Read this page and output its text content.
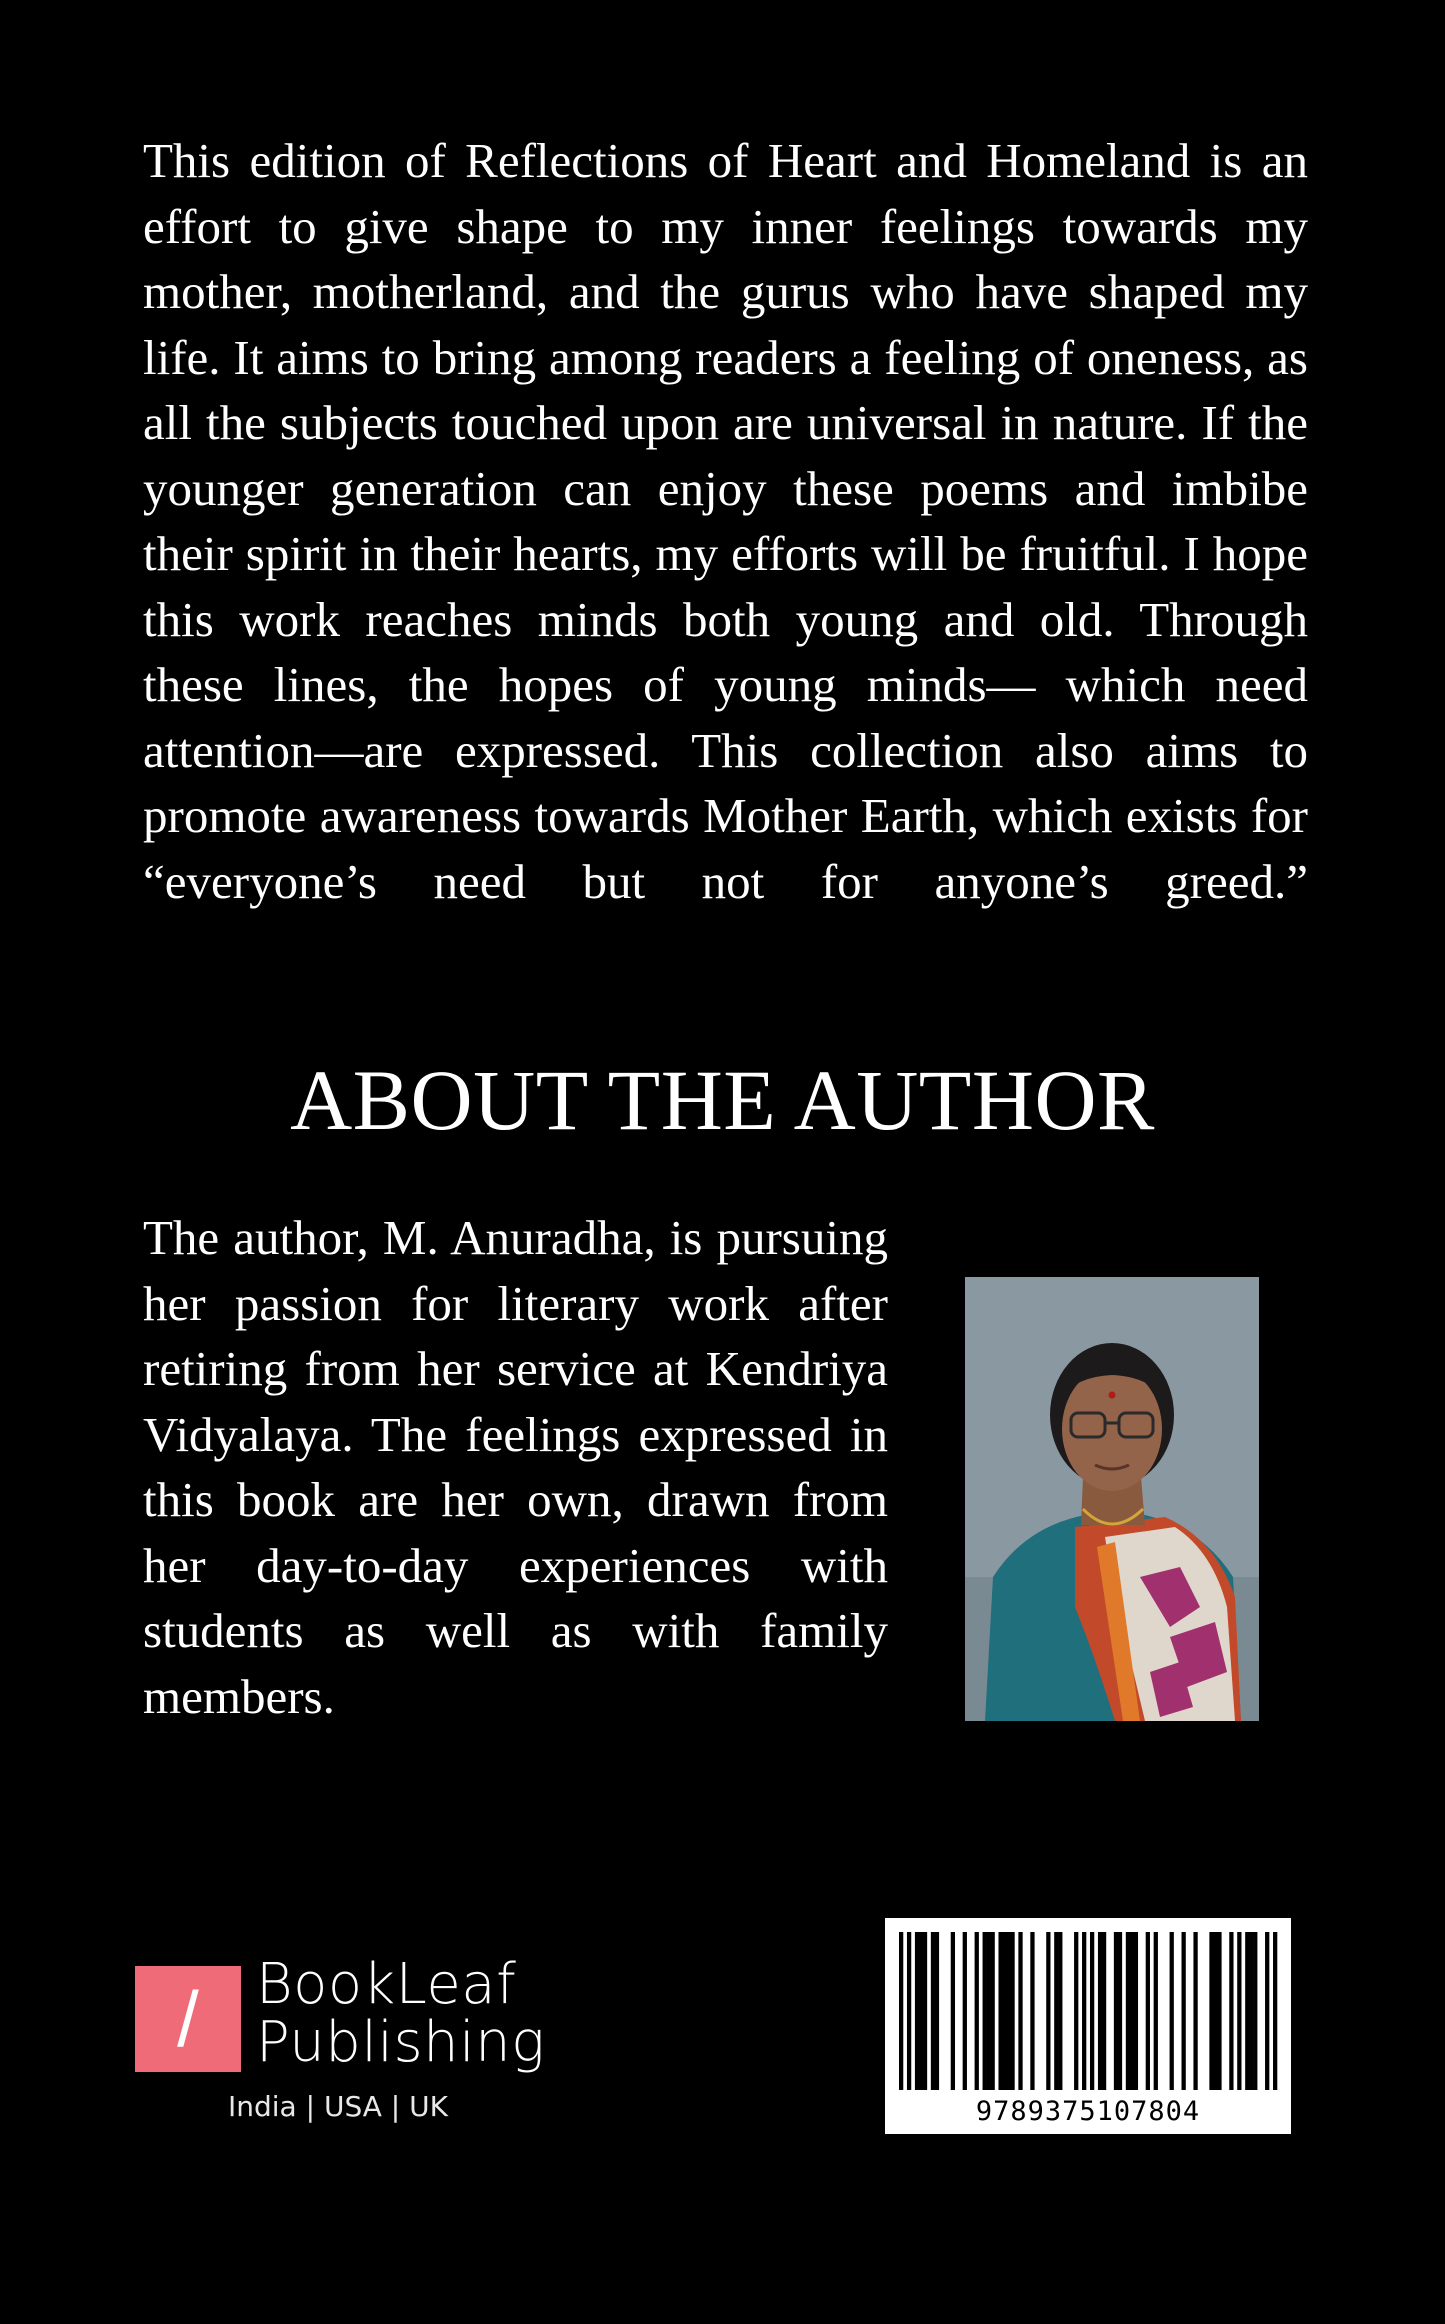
This edition of Reflections of Heart and Homeland is an effort to give shape to my inner feelings towards my mother, motherland, and the gurus who have shaped my life. It aims to bring among readers a feeling of oneness, as all the subjects touched upon are universal in nature. If the younger generation can enjoy these poems and imbibe their spirit in their hearts, my efforts will be fruitful. I hope this work reaches minds both young and old. Through these lines, the hopes of young minds— which need attention—are expressed. This collection also aims to promote awareness towards Mother Earth, which exists for “everyone’s need but not for anyone’s greed.”

ABOUT THE AUTHOR

The author, M. Anuradha, is pursuing her passion for literary work after retiring from her service at Kendriya Vidyalaya. The feelings expressed in this book are her own, drawn from her day-to-day experiences with students as well as with family members.

/	BookLeaf
Publishing
India | USA | UK	9789375107804
